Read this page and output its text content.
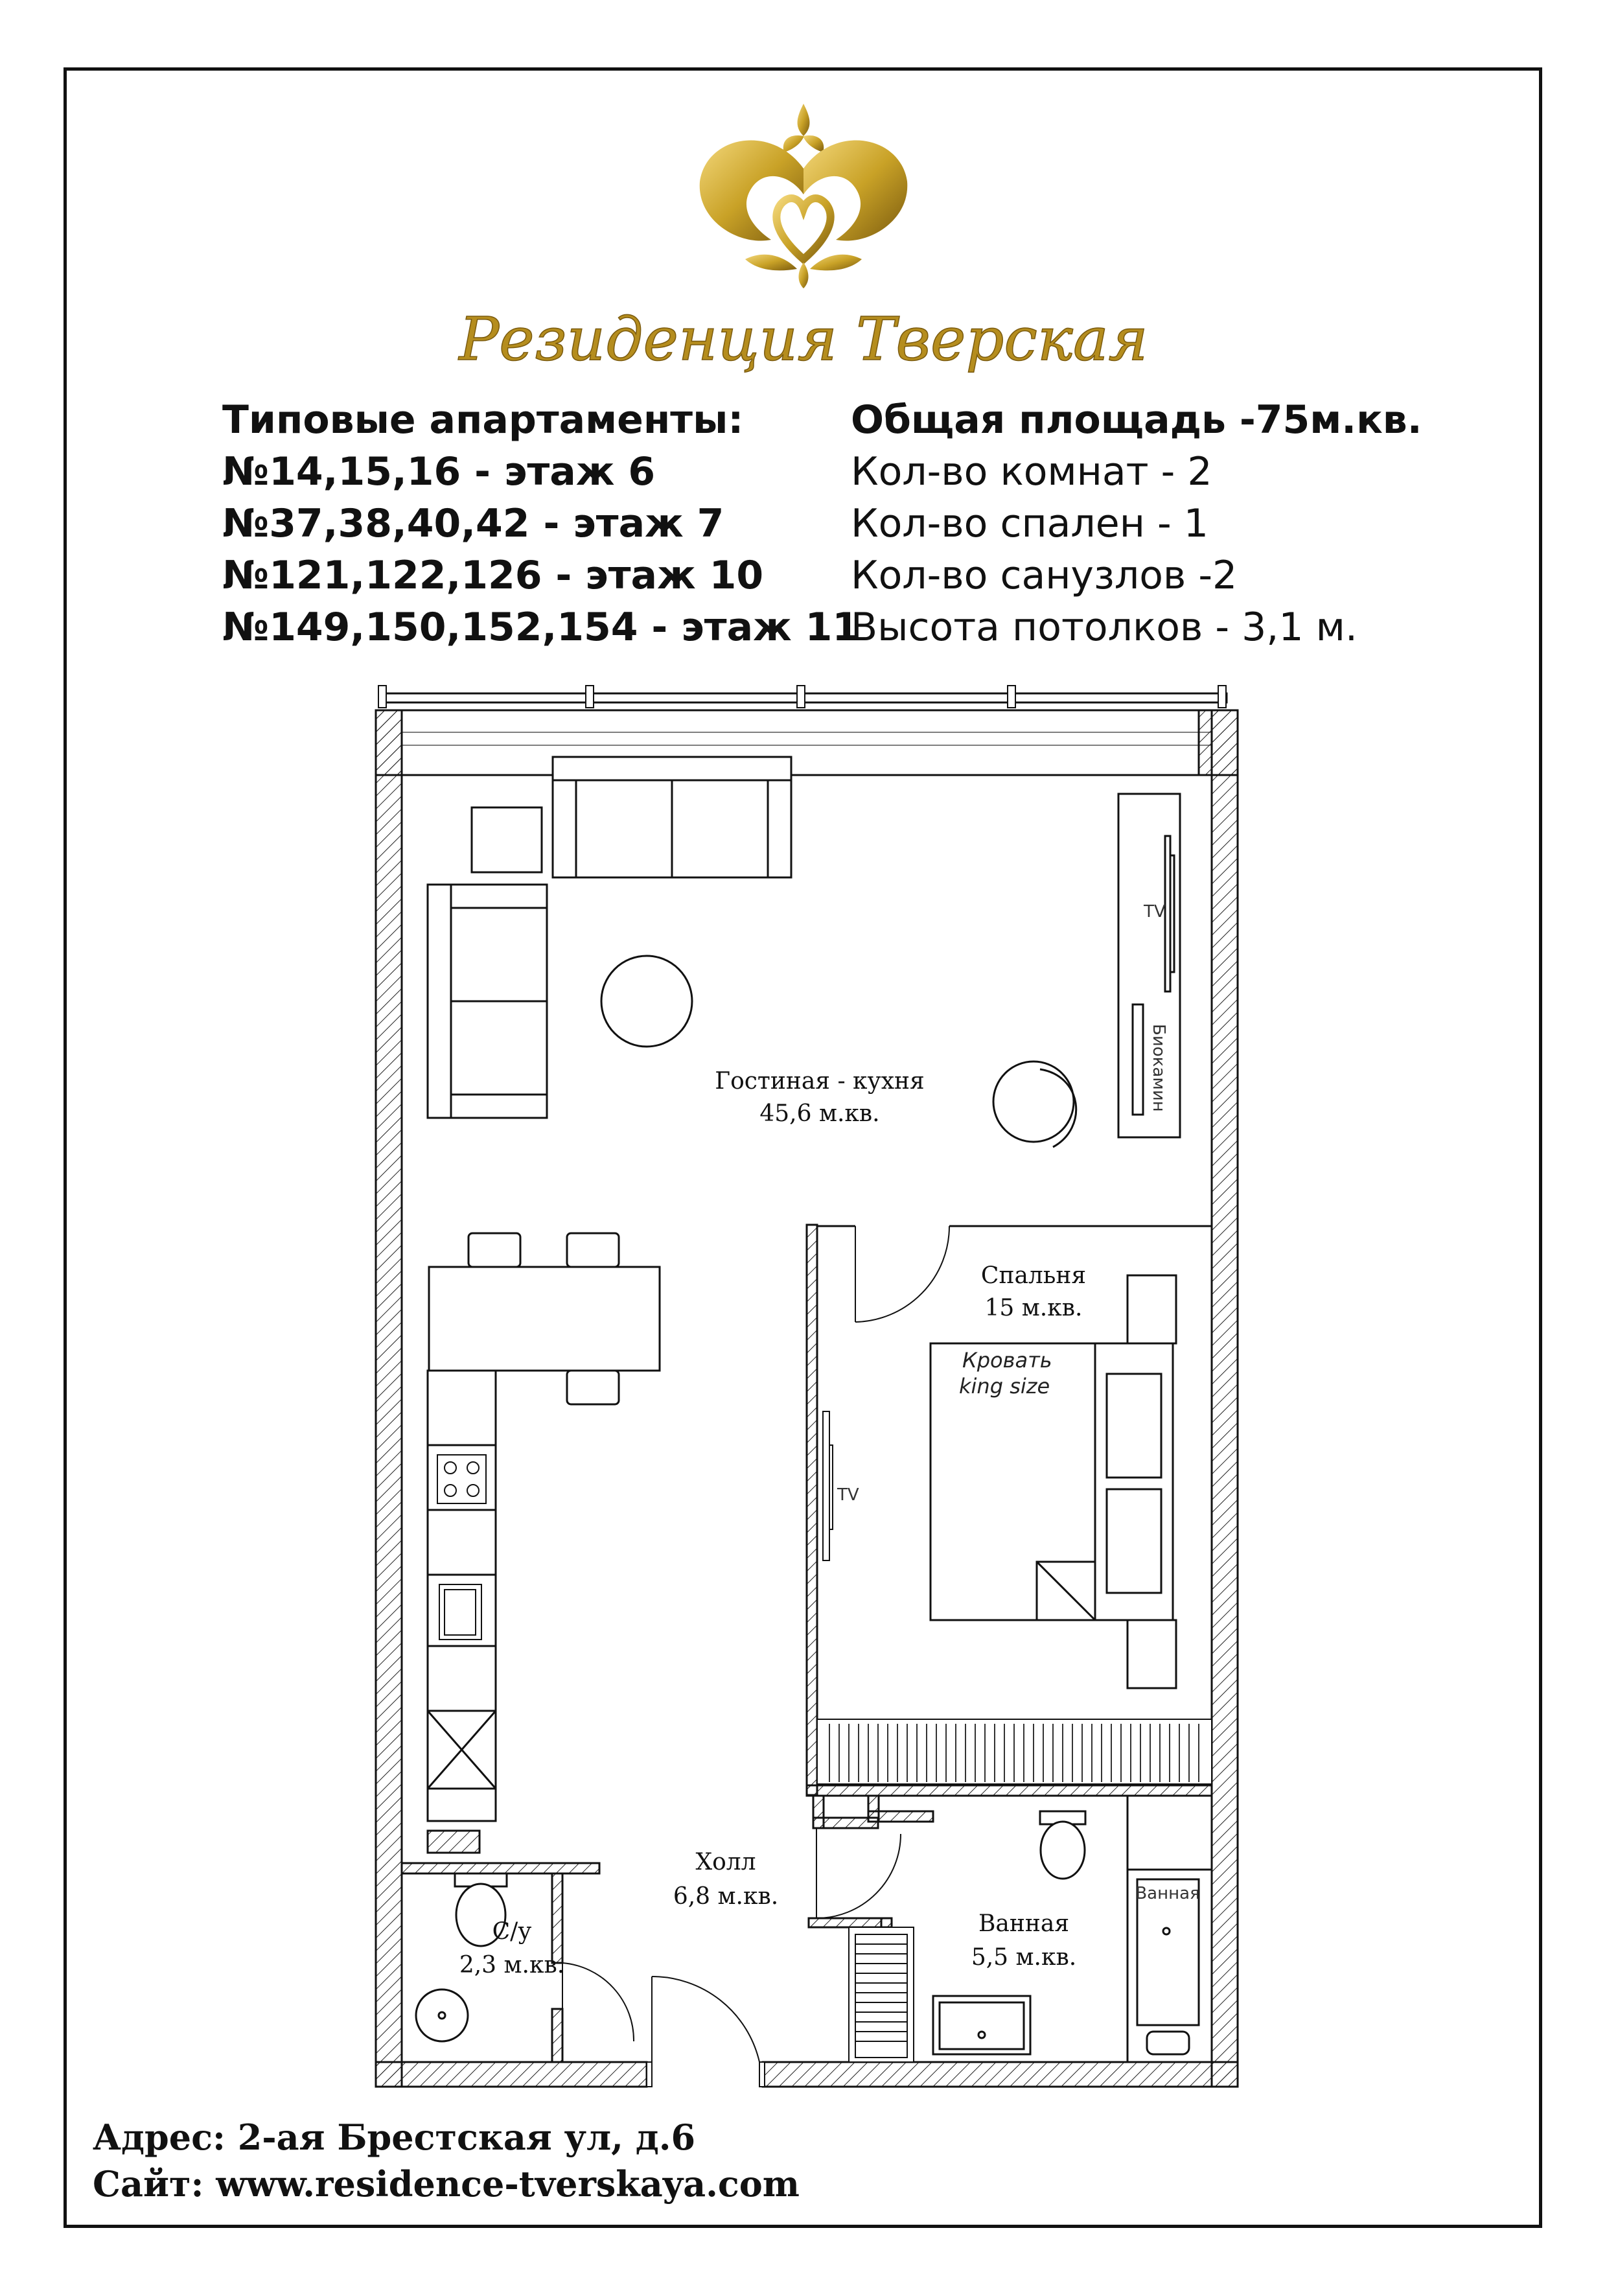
Резиденция Тверская
Типовые апартаменты:
№14,15,16 - этаж 6
№37,38,40,42 - этаж 7
№121,122,126 - этаж 10
№149,150,152,154 - этаж 11
Общая площадь -75м.кв.
Кол-во комнат - 2
Кол-во спален - 1
Кол-во санузлов -2
Высота потолков - 3,1 м.
Кровать
king size
TV
TV
Биокамин
Ванная
Гостиная - кухня
45,6 м.кв.
Спальня
15 м.кв.
Холл
6,8 м.кв.
Ванная
5,5 м.кв.
С/у
2,3 м.кв.
Адрес: 2-ая Брестская ул, д.6
Сайт: www.residence-tverskaya.com
